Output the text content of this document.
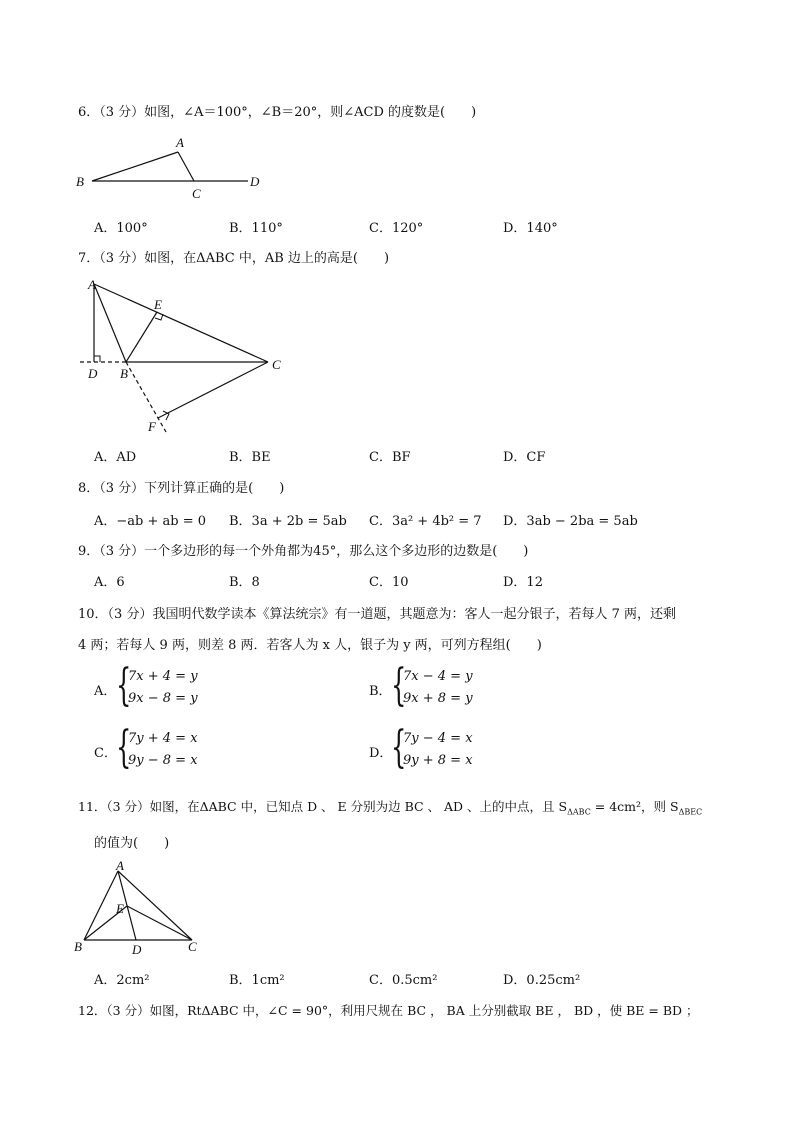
6．（3 分）如图，∠A＝100°，∠B＝20°，则∠ACD 的度数是(　　)
A
B
C
D
A．100°	B．110°	C．120°	D．140°
7．（3 分）如图，在ΔABC 中，AB 边上的高是(　　)
A
E
D B
C
F
A．AD	B．BE	C．BF	D．CF
8．（3 分）下列计算正确的是(　　)
A．−ab + ab = 0 B．3a + 2b = 5ab C．3a² + 4b² = 7 D．3ab − 2ba = 5ab
9．（3 分）一个多边形的每一个外角都为45°，那么这个多边形的边数是(　　)
A．6	B．8	C．10	D．12
10．（3 分）我国明代数学读本《算法统宗》有一道题，其题意为：客人一起分银子，若每人 7 两，还剩
4 两；若每人 9 两，则差 8 两．若客人为 x 人，银子为 y 两，可列方程组(　　)
A． {
7x + 4 = y
9x − 8 = y	B． {
7x − 4 = y
9x + 8 = y
C． {
7y + 4 = x
9y − 8 = x	D．
{
7y − 4 = x
9y + 8 = x
11．（3 分）如图，在ΔABC 中，已知点 D 、 E 分别为边 BC 、 AD 、上的中点，且 $S_{\Delta ABC} = 4cm^2$，则 $S_{\Delta BEC}$
的值为(　　)
A
E
B	D	C
A．2cm²	B．1cm²	C．0.5cm²	D．0.25cm²
12．（3 分）如图，RtΔABC 中，∠C = 90°，利用尺规在 BC ， BA 上分别截取 BE ， BD ，使 BE = BD ；
